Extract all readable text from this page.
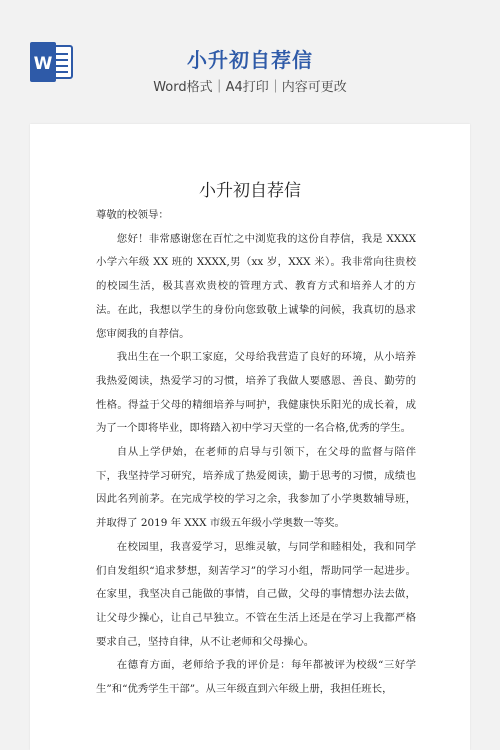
W	小升初自荐信
Word格式｜A4打印｜内容可更改
小升初自荐信

尊敬的校领导：

您好！非常感谢您在百忙之中浏览我的这份自荐信，我是 XXXX 小学六年级 XX 班的 XXXX,男（xx 岁，XXX 米）。我非常向往贵校的校园生活，极其喜欢贵校的管理方式、教育方式和培养人才的方法。在此，我想以学生的身份向您致敬上诚挚的问候，我真切的恳求您审阅我的自荐信。

我出生在一个职工家庭，父母给我营造了良好的环境，从小培养我热爱阅读，热爱学习的习惯，培养了我做人要感恩、善良、勤劳的性格。得益于父母的精细培养与呵护，我健康快乐阳光的成长着，成为了一个即将毕业，即将踏入初中学习天堂的一名合格,优秀的学生。

自从上学伊始，在老师的启导与引领下，在父母的监督与陪伴下，我坚持学习研究，培养成了热爱阅读，勤于思考的习惯，成绩也因此名列前茅。在完成学校的学习之余，我参加了小学奥数辅导班，并取得了 2019 年 XXX 市级五年级小学奥数一等奖。

在校园里，我喜爱学习，思维灵敏，与同学和睦相处，我和同学们自发组织“追求梦想，刻苦学习”的学习小组，帮助同学一起进步。在家里，我坚决自己能做的事情，自己做，父母的事情想办法去做，让父母少操心，让自己早独立。不管在生活上还是在学习上我都严格要求自己，坚持自律，从不让老师和父母操心。

在德育方面，老师给予我的评价是：每年都被评为校级“三好学生”和“优秀学生干部”。从三年级直到六年级上册，我担任班长，
